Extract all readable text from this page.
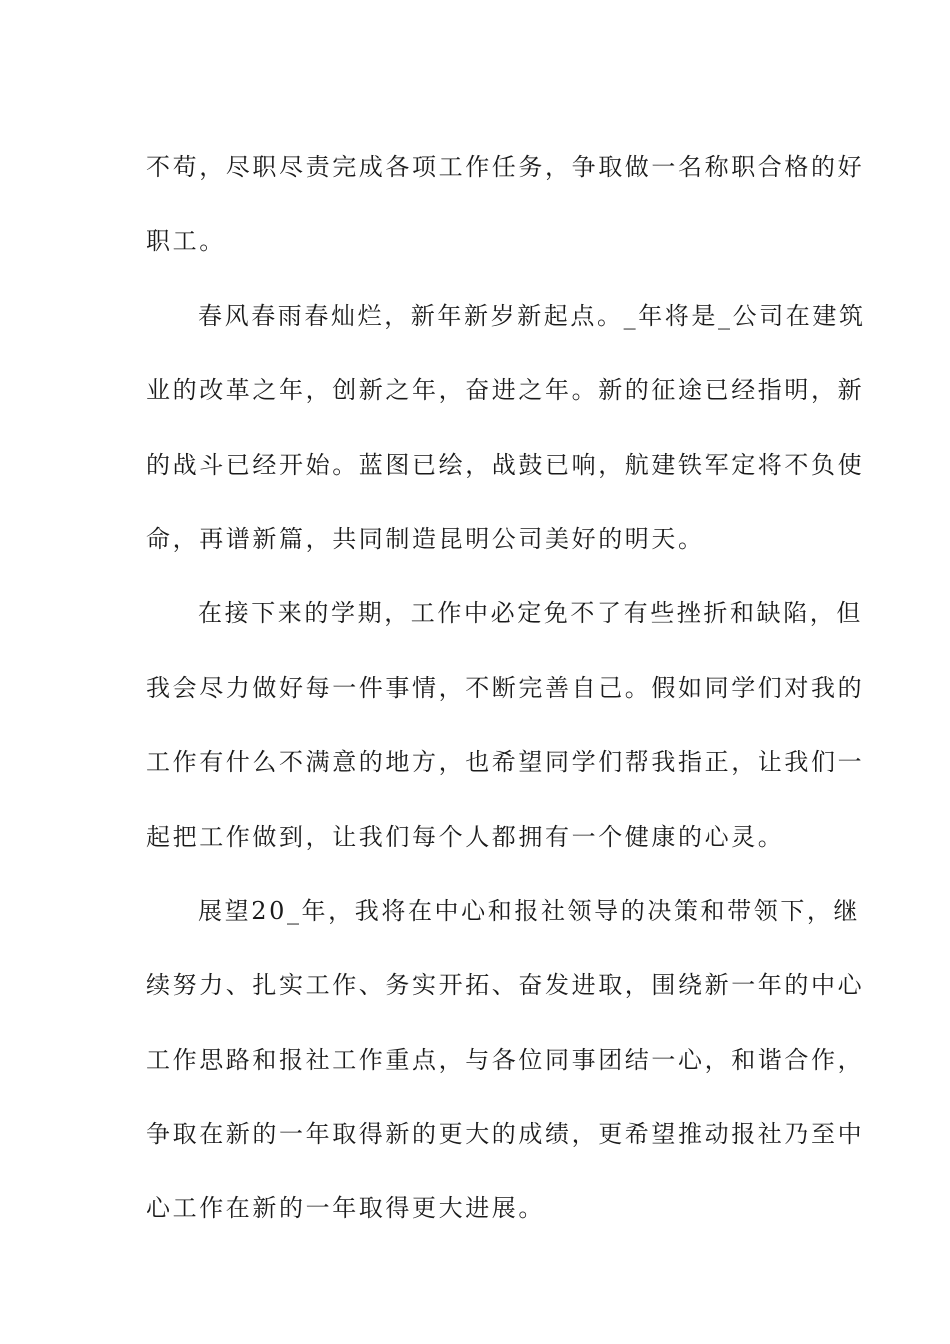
不苟，尽职尽责完成各项工作任务，争取做一名称职合格的好
职工。
春风春雨春灿烂，新年新岁新起点。_年将是_公司在建筑
业的改革之年，创新之年，奋进之年。新的征途已经指明，新
的战斗已经开始。蓝图已绘，战鼓已响，航建铁军定将不负使
命，再谱新篇，共同制造昆明公司美好的明天。
在接下来的学期，工作中必定免不了有些挫折和缺陷，但
我会尽力做好每一件事情，不断完善自己。假如同学们对我的
工作有什么不满意的地方，也希望同学们帮我指正，让我们一
起把工作做到，让我们每个人都拥有一个健康的心灵。
展望20_年，我将在中心和报社领导的决策和带领下，继
续努力、扎实工作、务实开拓、奋发进取，围绕新一年的中心
工作思路和报社工作重点，与各位同事团结一心，和谐合作，
争取在新的一年取得新的更大的成绩，更希望推动报社乃至中
心工作在新的一年取得更大进展。
